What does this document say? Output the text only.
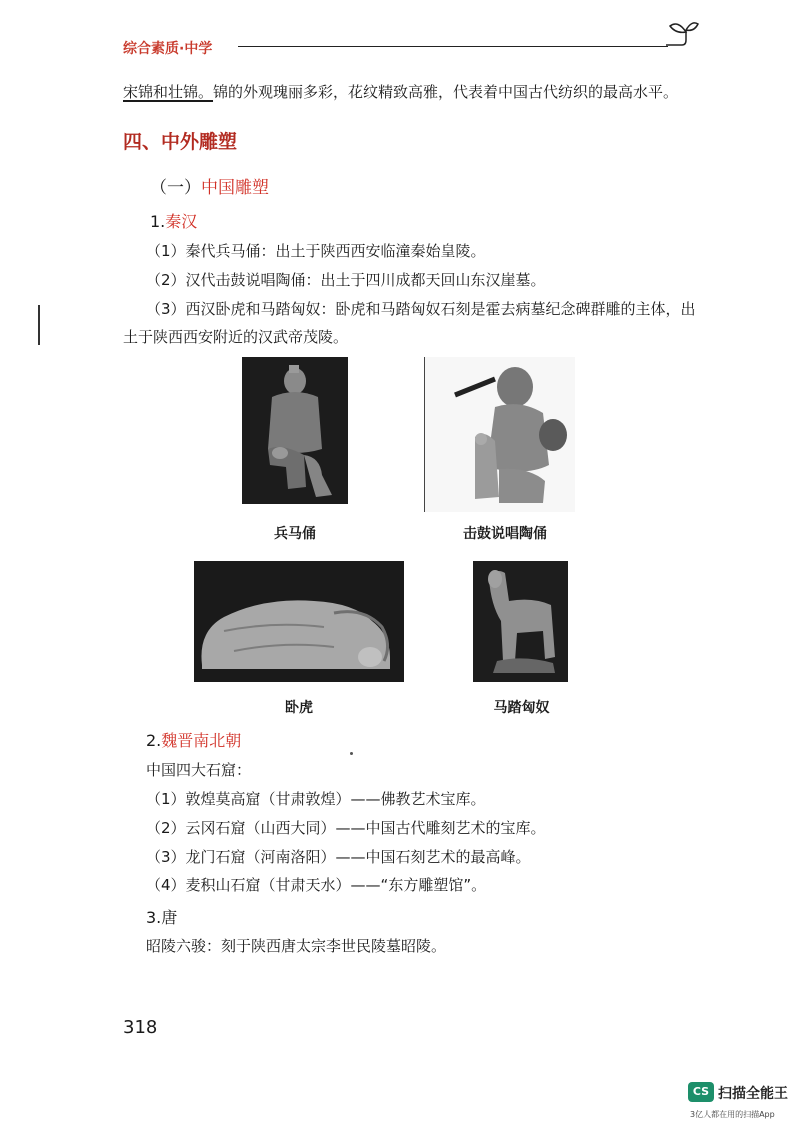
综合素质·中学
宋锦和壮锦。锦的外观瑰丽多彩，花纹精致高雅，代表着中国古代纺织的最高水平。
四、中外雕塑
（一）中国雕塑
1.秦汉
（1）秦代兵马俑：出土于陕西西安临潼秦始皇陵。
（2）汉代击鼓说唱陶俑：出土于四川成都天回山东汉崖墓。
（3）西汉卧虎和马踏匈奴：卧虎和马踏匈奴石刻是霍去病墓纪念碑群雕的主体，出
土于陕西西安附近的汉武帝茂陵。
兵马俑	击鼓说唱陶俑
卧虎	马踏匈奴
2.魏晋南北朝
中国四大石窟：
（1）敦煌莫高窟（甘肃敦煌）——佛教艺术宝库。
（2）云冈石窟（山西大同）——中国古代雕刻艺术的宝库。
（3）龙门石窟（河南洛阳）——中国石刻艺术的最高峰。
（4）麦积山石窟（甘肃天水）——“东方雕塑馆”。
3.唐
昭陵六骏：刻于陕西唐太宗李世民陵墓昭陵。
318
CS 扫描全能王
3亿人都在用的扫描App
